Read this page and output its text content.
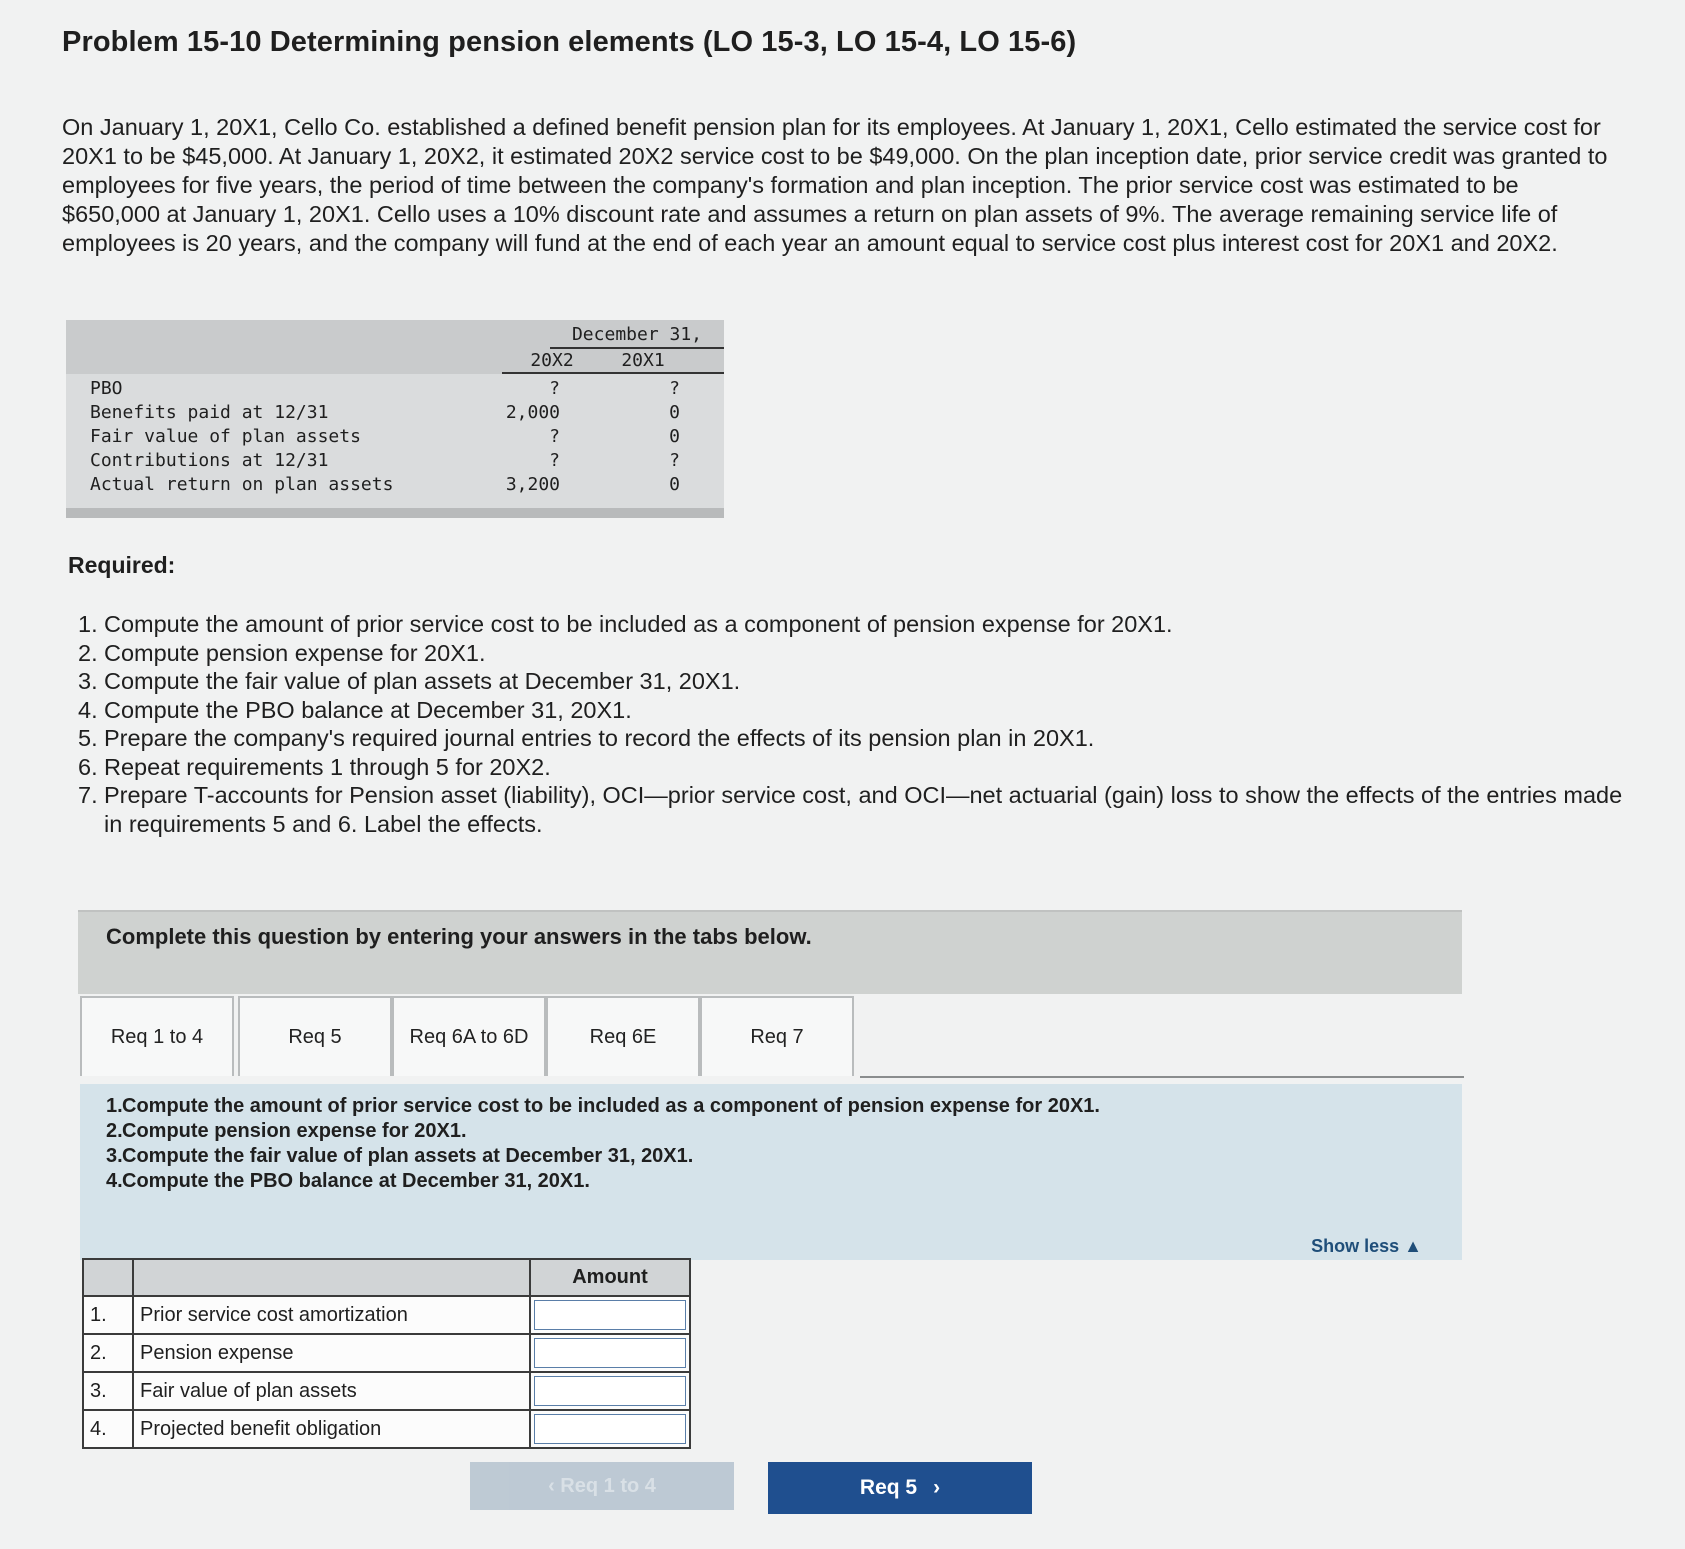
Problem 15-10 Determining pension elements (LO 15-3, LO 15-4, LO 15-6)
On January 1, 20X1, Cello Co. established a defined benefit pension plan for its employees. At January 1, 20X1, Cello estimated the service cost for 20X1 to be $45,000. At January 1, 20X2, it estimated 20X2 service cost to be $49,000. On the plan inception date, prior service credit was granted to employees for five years, the period of time between the company's formation and plan inception. The prior service cost was estimated to be $650,000 at January 1, 20X1. Cello uses a 10% discount rate and assumes a return on plan assets of 9%. The average remaining service life of employees is 20 years, and the company will fund at the end of each year an amount equal to service cost plus interest cost for 20X1 and 20X2.
December 31,
20X2	20X1
PBO	?	?
Benefits paid at 12/31	2,000	0
Fair value of plan assets	?	0
Contributions at 12/31	?	?
Actual return on plan assets	3,200	0
Required:
1. Compute the amount of prior service cost to be included as a component of pension expense for 20X1.
2. Compute pension expense for 20X1.
3. Compute the fair value of plan assets at December 31, 20X1.
4. Compute the PBO balance at December 31, 20X1.
5. Prepare the company's required journal entries to record the effects of its pension plan in 20X1.
6. Repeat requirements 1 through 5 for 20X2.
7. Prepare T-accounts for Pension asset (liability), OCI—prior service cost, and OCI—net actuarial (gain) loss to show the effects of the entries made in requirements 5 and 6. Label the effects.
Complete this question by entering your answers in the tabs below.
Req 1 to 4	Req 5	Req 6A to 6D	Req 6E	Req 7
1. Compute the amount of prior service cost to be included as a component of pension expense for 20X1.
2. Compute pension expense for 20X1.
3. Compute the fair value of plan assets at December 31, 20X1.
4. Compute the PBO balance at December 31, 20X1.
Show less ▲
		Amount
1.	Prior service cost amortization	
2.	Pension expense	
3.	Fair value of plan assets	
4.	Projected benefit obligation	
‹ Req 1 to 4	Req 5 ›
